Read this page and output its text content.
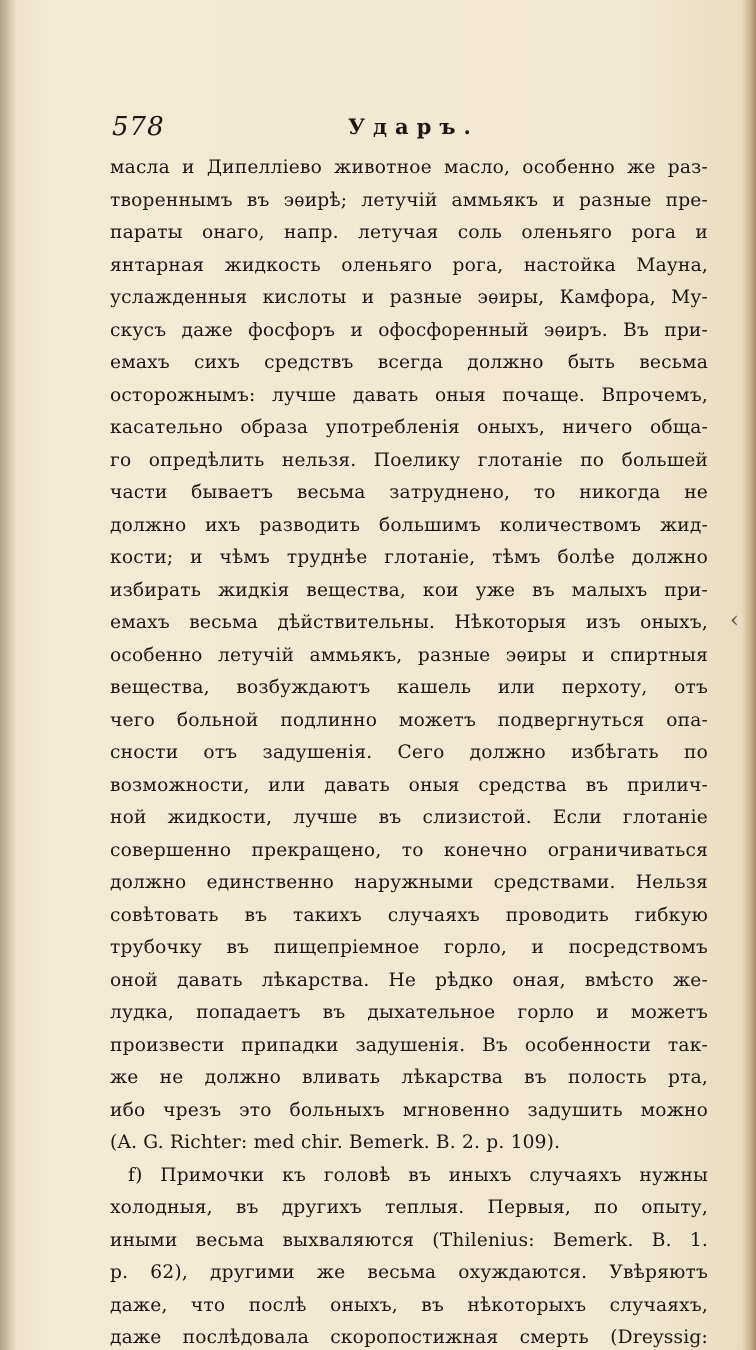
578	Ударъ.
масла и Дипелліево животное масло, особенно же раз-
твореннымъ въ эѳирѣ; летучій аммьякъ и разные пре-
параты онаго, напр. летучая соль оленьяго рога и
янтарная жидкость оленьяго рога, настойка Мауна,
услажденныя кислоты и разные эѳиры, Камфора, Му-
скусъ даже фосфоръ и офосфоренный эѳиръ. Въ при-
емахъ сихъ средствъ всегда должно быть весьма
осторожнымъ: лучше давать оныя почаще. Впрочемъ,
касательно образа употребленія оныхъ, ничего обща-
го опредѣлить нельзя. Поелику глотаніе по большей
части бываетъ весьма затруднено, то никогда не
должно ихъ разводить большимъ количествомъ жид-
кости; и чѣмъ труднѣе глотаніе, тѣмъ болѣе должно
избирать жидкія вещества, кои уже въ малыхъ при-
емахъ весьма дѣйствительны. Нѣкоторыя изъ оныхъ,
особенно летучій аммьякъ, разные эѳиры и спиртныя
вещества, возбуждаютъ кашель или перхоту, отъ
чего больной подлинно можетъ подвергнуться опа-
сности отъ задушенія. Сего должно избѣгать по
возможности, или давать оныя средства въ прилич-
ной жидкости, лучше въ слизистой. Если глотаніе
совершенно прекращено, то конечно ограничиваться
должно единственно наружными средствами. Нельзя
совѣтовать въ такихъ случаяхъ проводить гибкую
трубочку въ пищепріемное горло, и посредствомъ
оной давать лѣкарства. Не рѣдко оная, вмѣсто же-
лудка, попадаетъ въ дыхательное горло и можетъ
произвести припадки задушенія. Въ особенности так-
же не должно вливать лѣкарства въ полость рта,
ибо чрезъ это больныхъ мгновенно задушить можно
(A. G. Richter: med chir. Bemerk. B. 2. p. 109).
f) Примочки къ головѣ въ иныхъ случаяхъ нужны
холодныя, въ другихъ теплыя. Первыя, по опыту,
иными весьма выхваляются (Thilenius: Bemerk. B. 1.
p. 62), другими же весьма охуждаются. Увѣряютъ
даже, что послѣ оныхъ, въ нѣкоторыхъ случаяхъ,
даже послѣдовала скоропостижная смерть (Dreyssig:
‹
